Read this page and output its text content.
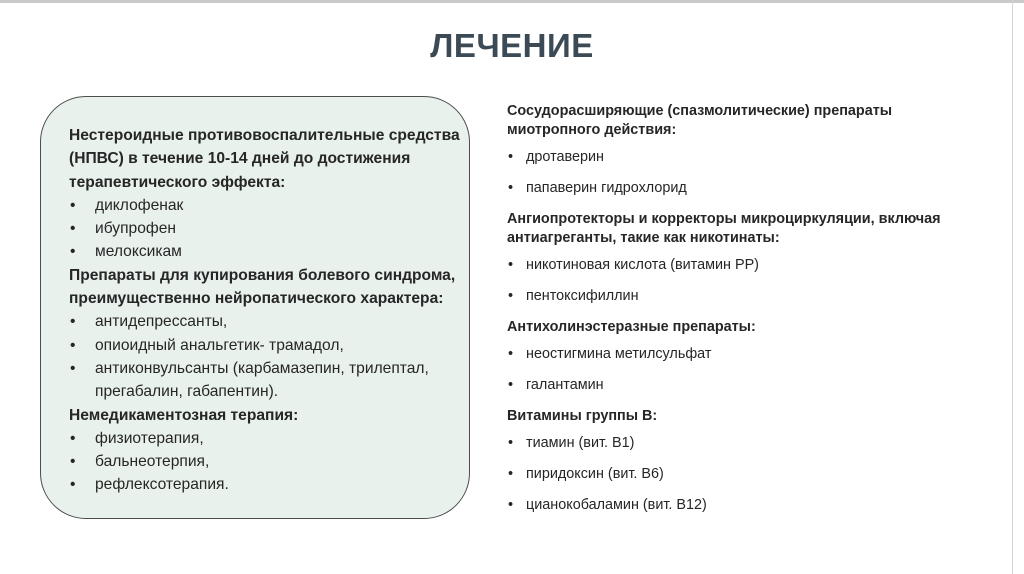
ЛЕЧЕНИЕ
Нестероидные противовоспалительные средства (НПВС) в течение 10-14 дней до достижения терапевтического эффекта:
• диклофенак
• ибупрофен
• мелоксикам
Препараты для купирования болевого синдрома, преимущественно нейропатического характера:
• антидепрессанты,
• опиоидный анальгетик- трамадол,
• антиконвульсанты (карбамазепин, трилептал, прегабалин, габапентин).
Немедикаментозная терапия:
• физиотерапия,
• бальнеотерпия,
• рефлексотерапия.
Сосудорасширяющие (спазмолитические) препараты миотропного действия:
• дротаверин
• папаверин гидрохлорид
Ангиопротекторы и корректоры микроциркуляции, включая антиагреганты, такие как никотинаты:
• никотиновая кислота (витамин РР)
• пентоксифиллин
Антихолинэстеразные препараты:
• неостигмина метилсульфат
• галантамин
Витамины группы В:
• тиамин (вит. В1)
• пиридоксин (вит. В6)
• цианокобаламин (вит. В12)
